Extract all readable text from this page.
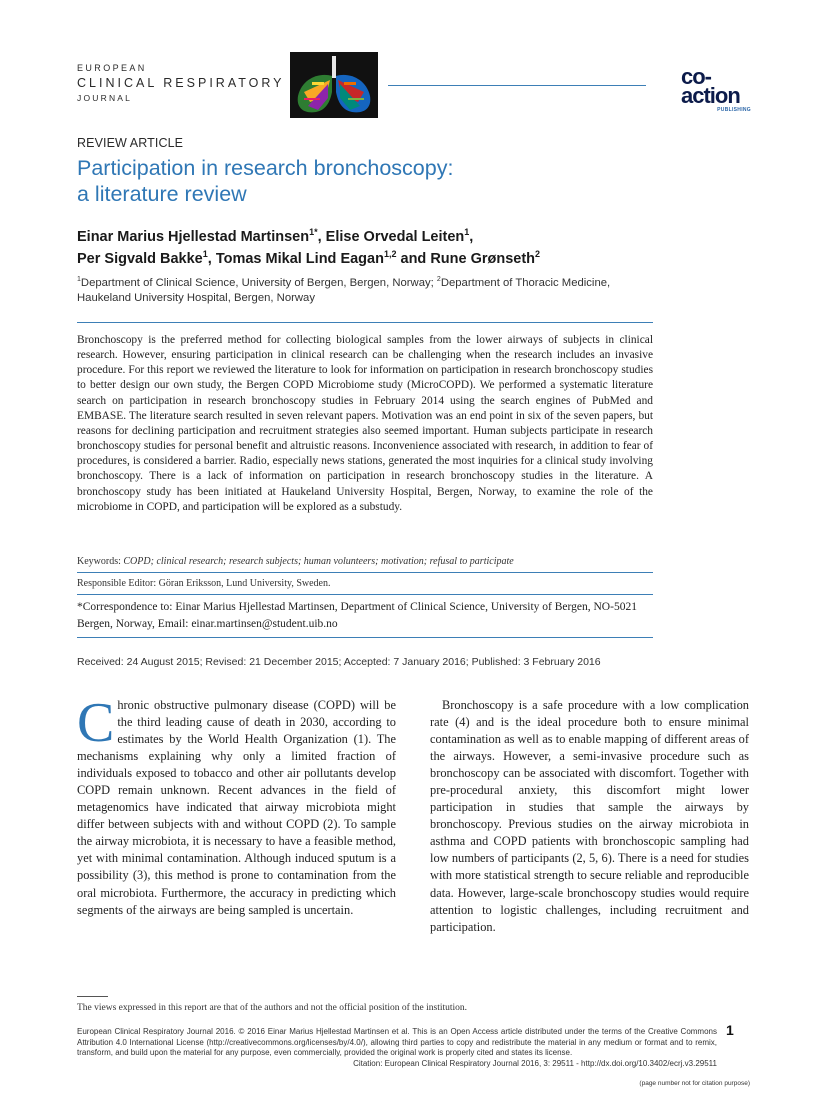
EUROPEAN
CLINICAL RESPIRATORY
JOURNAL
co-
action
PUBLISHING
REVIEW ARTICLE
Participation in research bronchoscopy:
a literature review
Einar Marius Hjellestad Martinsen$^{1*}$, Elise Orvedal Leiten$^1$,
Per Sigvald Bakke$^1$, Tomas Mikal Lind Eagan$^{1,2}$ and Rune Grønseth$^2$
$^1$Department of Clinical Science, University of Bergen, Bergen, Norway; $^2$Department of Thoracic Medicine, Haukeland University Hospital, Bergen, Norway
Bronchoscopy is the preferred method for collecting biological samples from the lower airways of subjects in clinical research. However, ensuring participation in clinical research can be challenging when the research includes an invasive procedure. For this report we reviewed the literature to look for information on participation in research bronchoscopy studies to better design our own study, the Bergen COPD Microbiome study (MicroCOPD). We performed a systematic literature search on participation in research bronchoscopy studies in February 2014 using the search engines of PubMed and EMBASE. The literature search resulted in seven relevant papers. Motivation was an end point in six of the seven papers, but reasons for declining participation and recruitment strategies also seemed important. Human subjects participate in research bronchoscopy studies for personal benefit and altruistic reasons. Inconvenience associated with research, in addition to fear of procedures, is considered a barrier. Radio, especially news stations, generated the most inquiries for a clinical study involving bronchoscopy. There is a lack of information on participation in research bronchoscopy studies in the literature. A bronchoscopy study has been initiated at Haukeland University Hospital, Bergen, Norway, to examine the role of the microbiome in COPD, and participation will be explored as a substudy.
Keywords: COPD; clinical research; research subjects; human volunteers; motivation; refusal to participate
Responsible Editor: Göran Eriksson, Lund University, Sweden.
*Correspondence to: Einar Marius Hjellestad Martinsen, Department of Clinical Science, University of Bergen, NO-5021 Bergen, Norway, Email: einar.martinsen@student.uib.no
Received: 24 August 2015; Revised: 21 December 2015; Accepted: 7 January 2016; Published: 3 February 2016
Chronic obstructive pulmonary disease (COPD) will be the third leading cause of death in 2030, according to estimates by the World Health Organization (1). The mechanisms explaining why only a limited fraction of individuals exposed to tobacco and other air pollutants develop COPD remain unknown. Recent advances in the field of metagenomics have indicated that airway microbiota might differ between subjects with and without COPD (2). To sample the airway microbiota, it is necessary to have a feasible method, yet with minimal contamination. Although induced sputum is a possibility (3), this method is prone to contamination from the oral microbiota. Furthermore, the accuracy in predicting which segments of the airways are being sampled is uncertain.
Bronchoscopy is a safe procedure with a low complication rate (4) and is the ideal procedure both to ensure minimal contamination as well as to enable mapping of different areas of the airways. However, a semi-invasive procedure such as bronchoscopy can be associated with discomfort. Together with pre-procedural anxiety, this discomfort might lower participation in studies that sample the airways by bronchoscopy. Previous studies on the airway microbiota in asthma and COPD patients with bronchoscopic sampling had low numbers of participants (2, 5, 6). There is a need for studies with more statistical strength to secure reliable and reproducible data. However, large-scale bronchoscopy studies would require attention to logistic challenges, including recruitment and participation.
The views expressed in this report are that of the authors and not the official position of the institution.
European Clinical Respiratory Journal 2016. © 2016 Einar Marius Hjellestad Martinsen et al. This is an Open Access article distributed under the terms of the Creative Commons Attribution 4.0 International License (http://creativecommons.org/licenses/by/4.0/), allowing third parties to copy and redistribute the material in any medium or format and to remix, transform, and build upon the material for any purpose, even commercially, provided the original work is properly cited and states its license.
Citation: European Clinical Respiratory Journal 2016, 3: 29511 - http://dx.doi.org/10.3402/ecrj.v3.29511
1
(page number not for citation purpose)
